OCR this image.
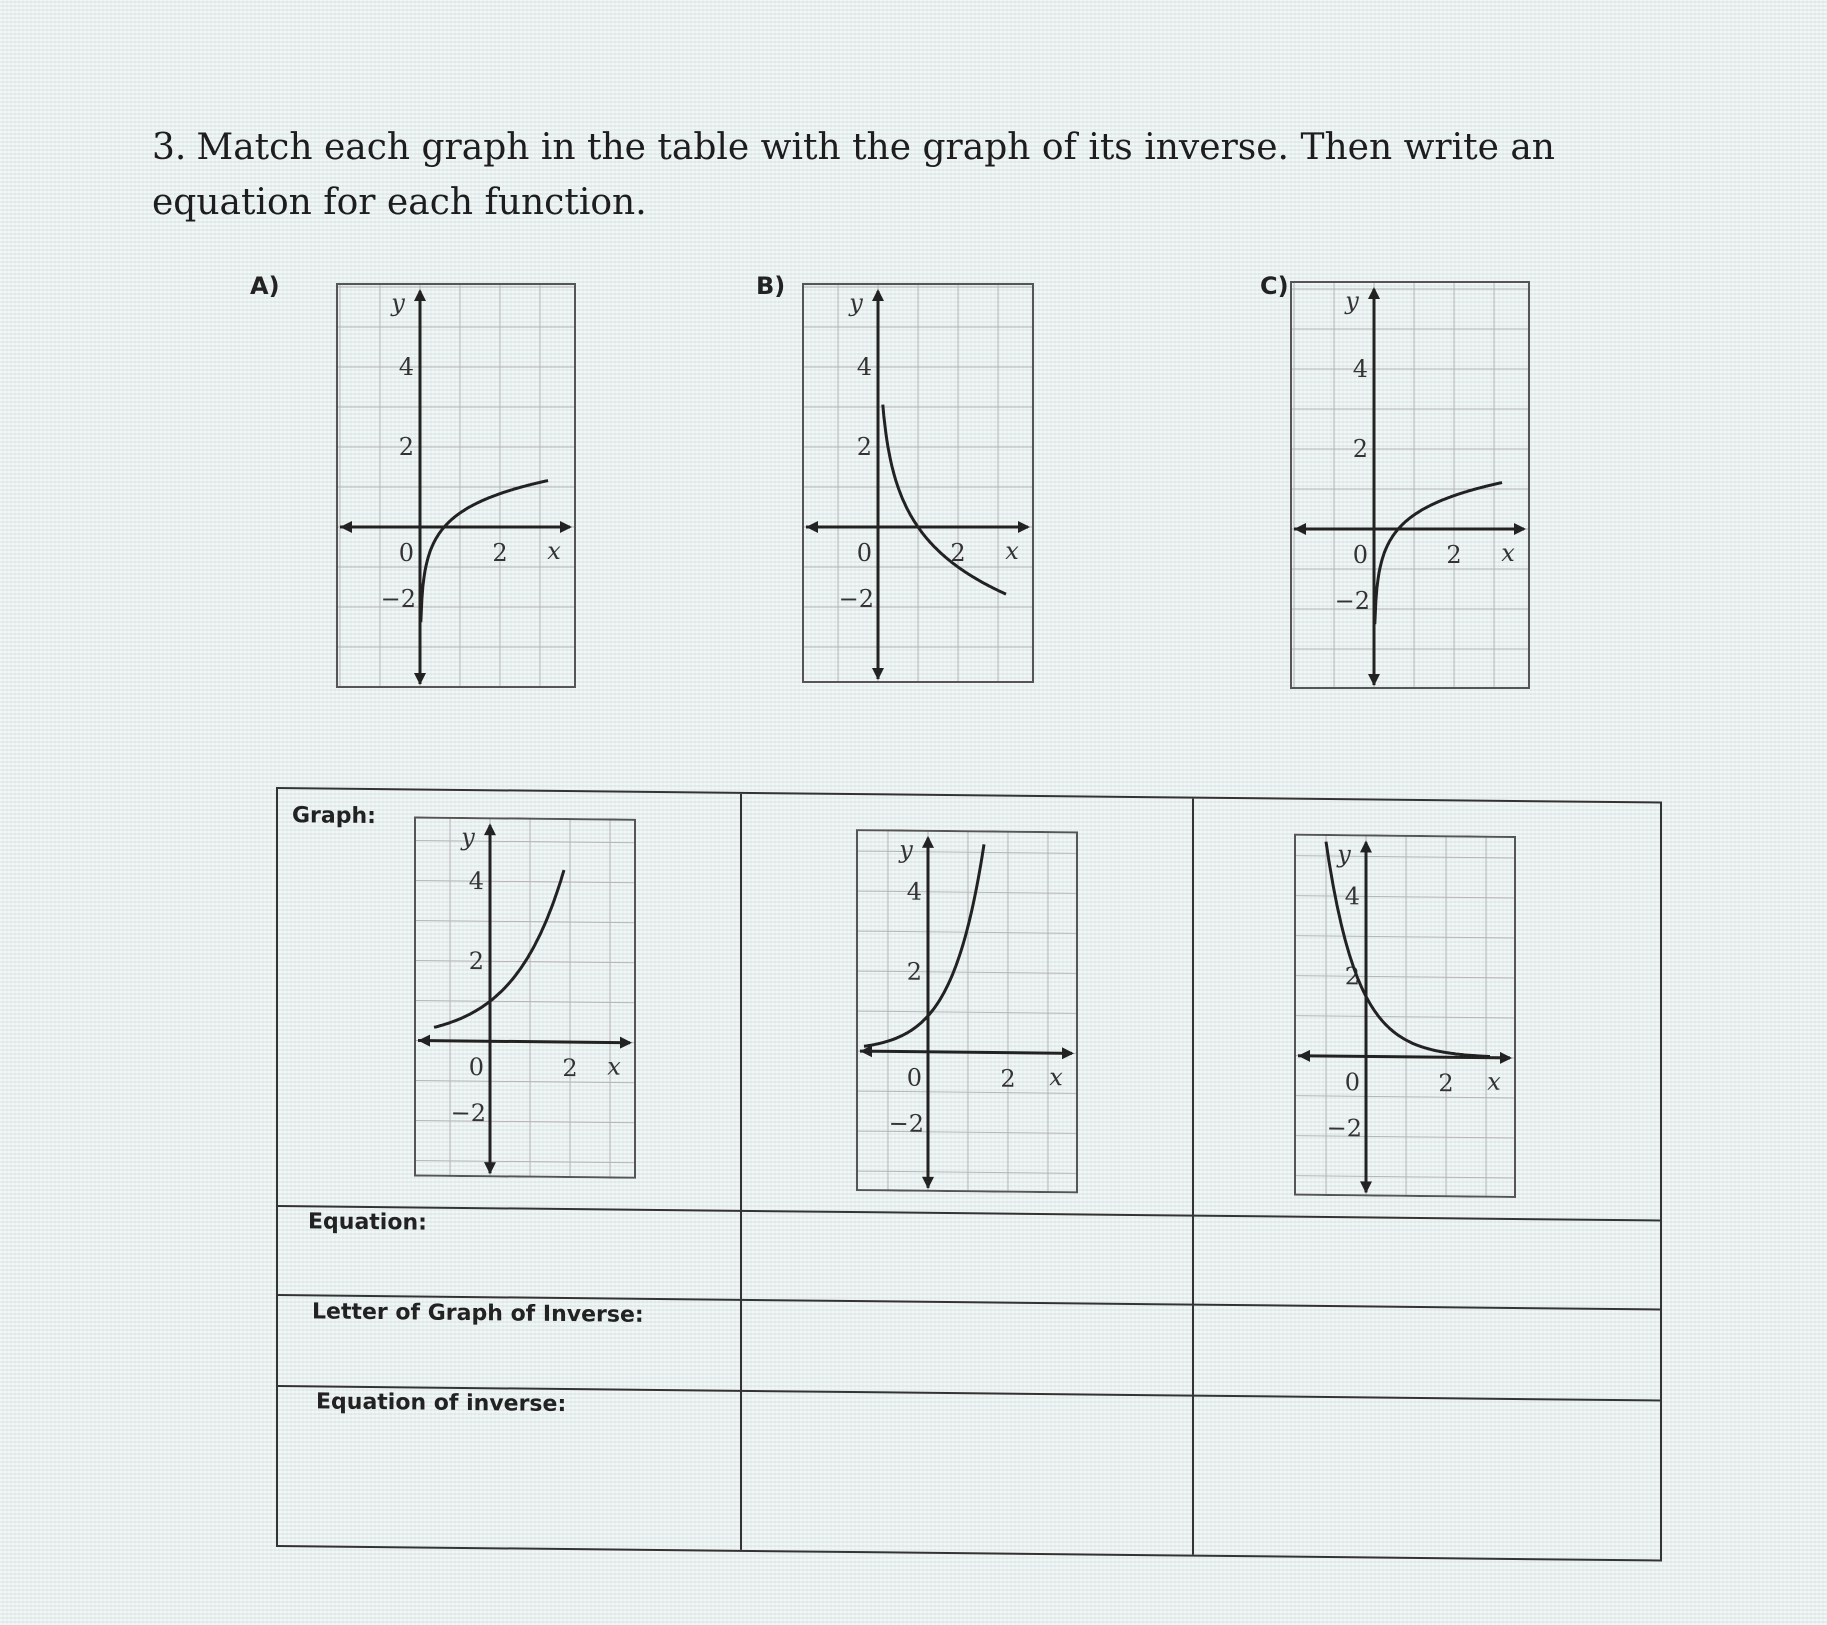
3. Match each graph in the table with the graph of its inverse. Then write an equation for each function.

A)
4
2
0
−2
2 x
y
B)
4
2
0
−2
2 x
y
C)
4
2
0
−2
2 x
y
Graph:
Equation:
Letter of Graph of Inverse:
Equation of inverse:
4
2
0
−2
2 x
y
4
2
0
−2
2 x
y
4
2
0
−2
2 x
y
